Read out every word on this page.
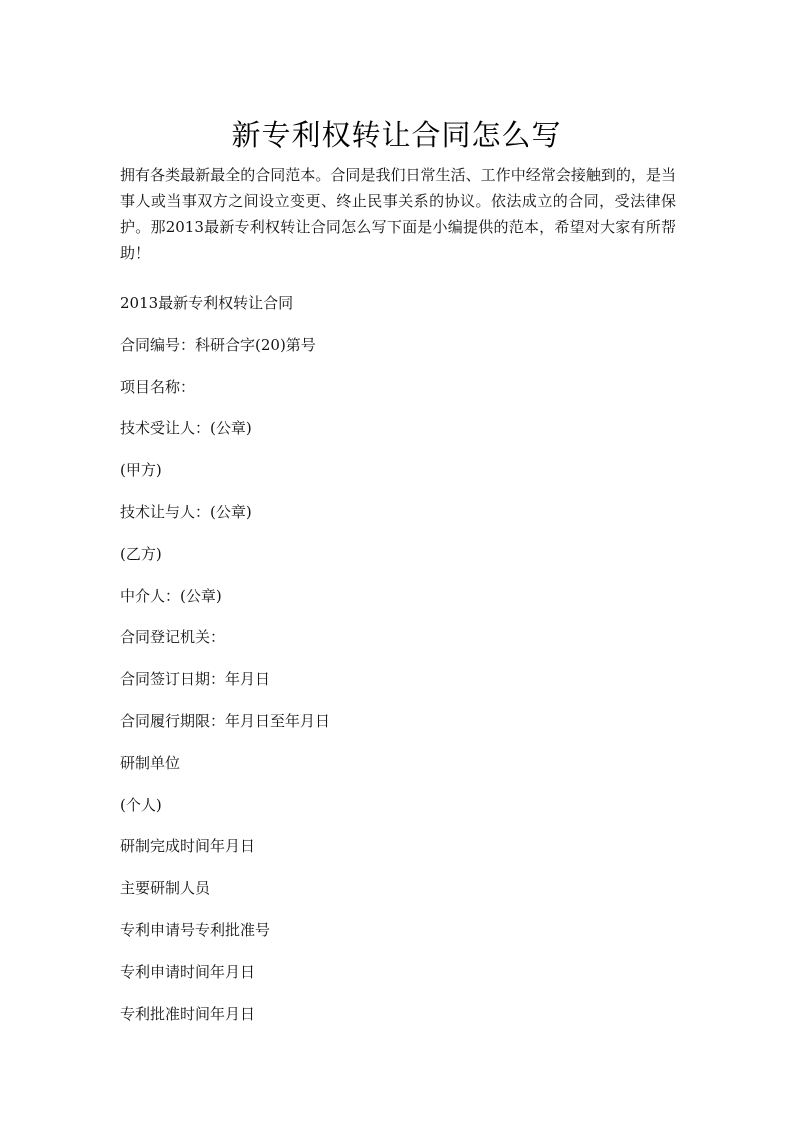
新专利权转让合同怎么写

拥有各类最新最全的合同范本。合同是我们日常生活、工作中经常会接触到的，是当事人或当事双方之间设立变更、终止民事关系的协议。依法成立的合同，受法律保护。那2013最新专利权转让合同怎么写下面是小编提供的范本，希望对大家有所帮助！

2013最新专利权转让合同
合同编号：科研合字(20)第号
项目名称：
技术受让人：(公章)
(甲方)
技术让与人：(公章)
(乙方)
中介人：(公章)
合同登记机关：
合同签订日期：年月日
合同履行期限：年月日至年月日
研制单位
(个人)
研制完成时间年月日
主要研制人员
专利申请号专利批准号
专利申请时间年月日
专利批准时间年月日
